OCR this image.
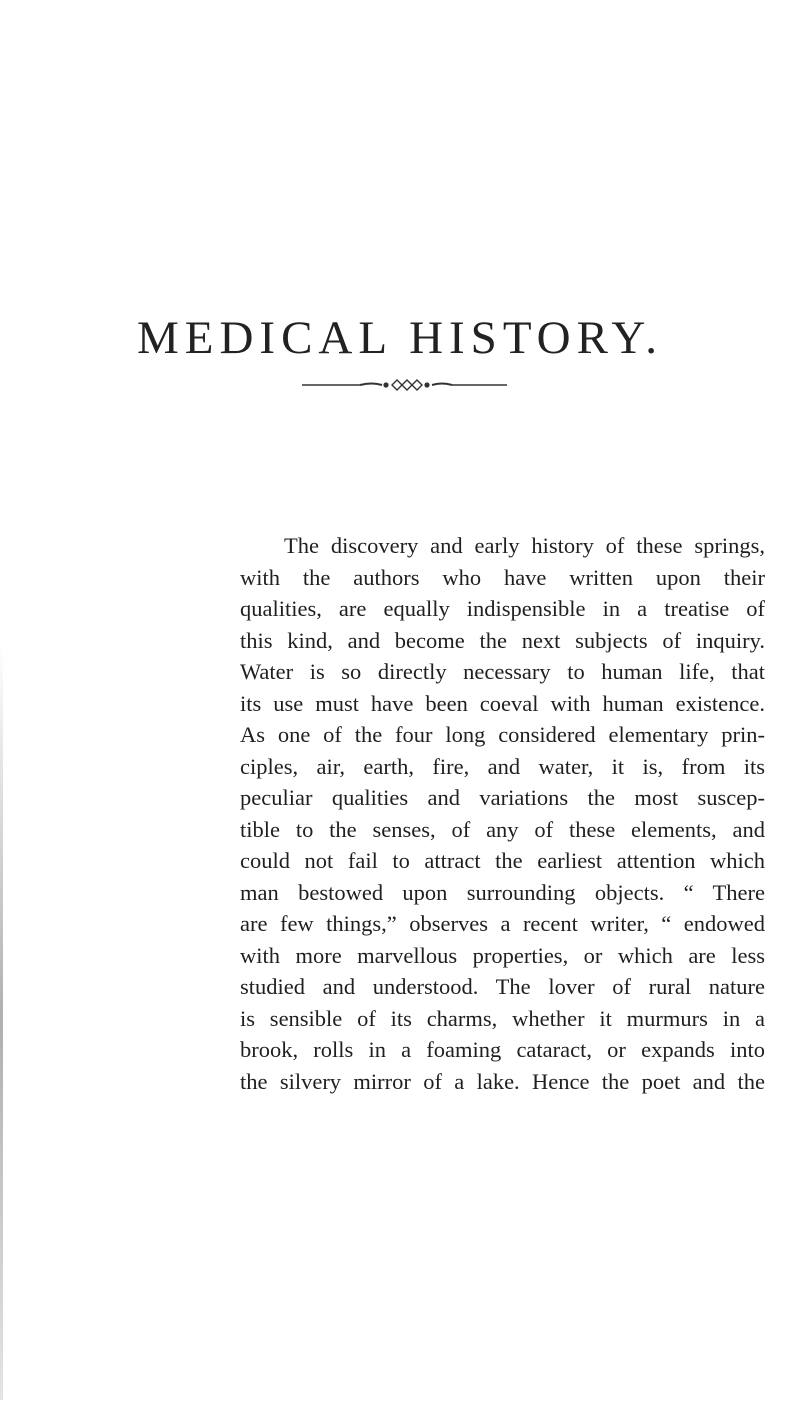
MEDICAL HISTORY.
The discovery and early history of these springs,
with the authors who have written upon their
qualities, are equally indispensible in a treatise of
this kind, and become the next subjects of inquiry.
Water is so directly necessary to human life, that
its use must have been coeval with human existence.
As one of the four long considered elementary prin-
ciples, air, earth, fire, and water, it is, from its
peculiar qualities and variations the most suscep-
tible to the senses, of any of these elements, and
could not fail to attract the earliest attention which
man bestowed upon surrounding objects. “ There
are few things,” observes a recent writer, “ endowed
with more marvellous properties, or which are less
studied and understood. The lover of rural nature
is sensible of its charms, whether it murmurs in a
brook, rolls in a foaming cataract, or expands into
the silvery mirror of a lake. Hence the poet and the
